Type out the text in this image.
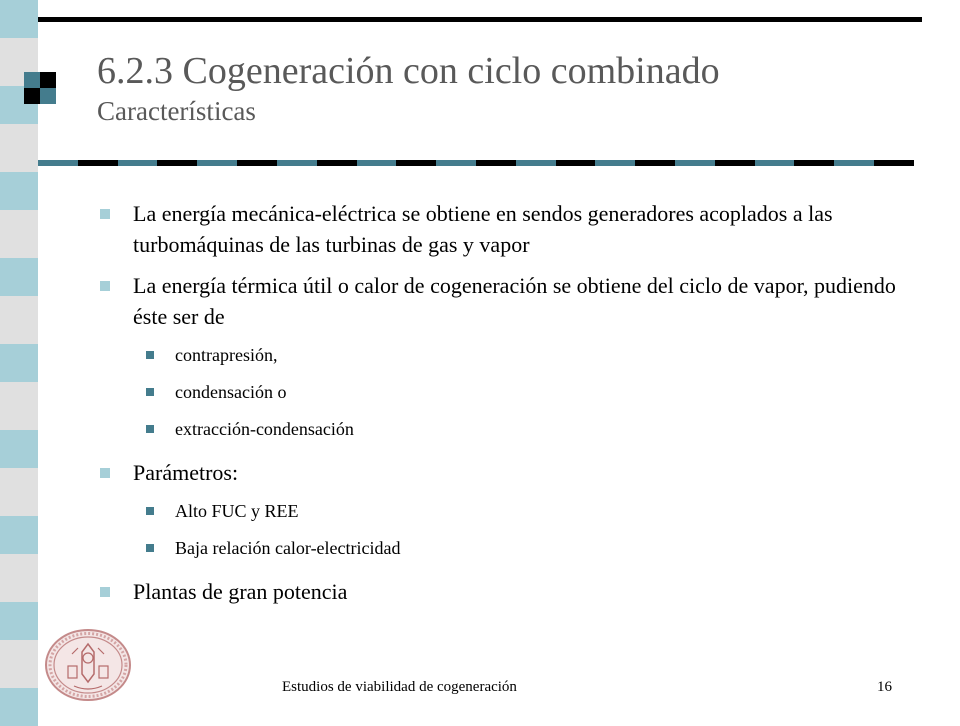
6.2.3 Cogeneración con ciclo combinado
Características
La energía mecánica-eléctrica se obtiene en sendos generadores acoplados a las turbomáquinas de las turbinas de gas y vapor
La energía térmica útil o calor de cogeneración se obtiene del ciclo de vapor, pudiendo éste ser de
contrapresión,
condensación o
extracción-condensación
Parámetros:
Alto FUC y REE
Baja relación calor-electricidad
Plantas de gran potencia
Estudios de viabilidad de cogeneración	16
